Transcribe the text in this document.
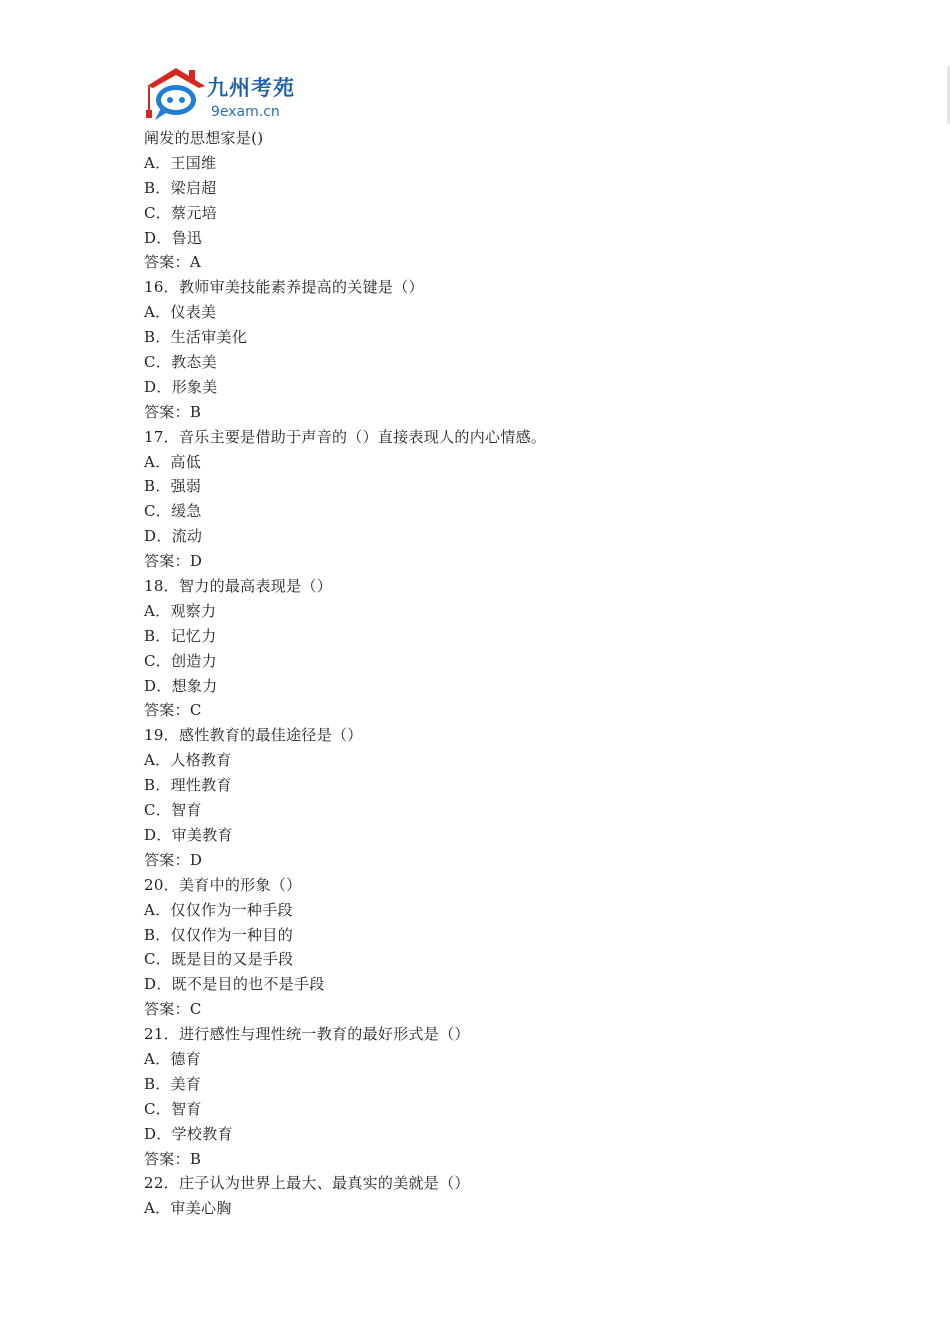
九州考苑
9exam.cn
阐发的思想家是()
A．王国维
B．梁启超
C．蔡元培
D．鲁迅
答案：A
16．教师审美技能素养提高的关键是（）
A．仪表美
B．生活审美化
C．教态美
D．形象美
答案：B
17．音乐主要是借助于声音的（）直接表现人的内心情感。
A．高低
B．强弱
C．缓急
D．流动
答案：D
18．智力的最高表现是（）
A．观察力
B．记忆力
C．创造力
D．想象力
答案：C
19．感性教育的最佳途径是（）
A．人格教育
B．理性教育
C．智育
D．审美教育
答案：D
20．美育中的形象（）
A．仅仅作为一种手段
B．仅仅作为一种目的
C．既是目的又是手段
D．既不是目的也不是手段
答案：C
21．进行感性与理性统一教育的最好形式是（）
A．德育
B．美育
C．智育
D．学校教育
答案：B
22．庄子认为世界上最大、最真实的美就是（）
A．审美心胸
